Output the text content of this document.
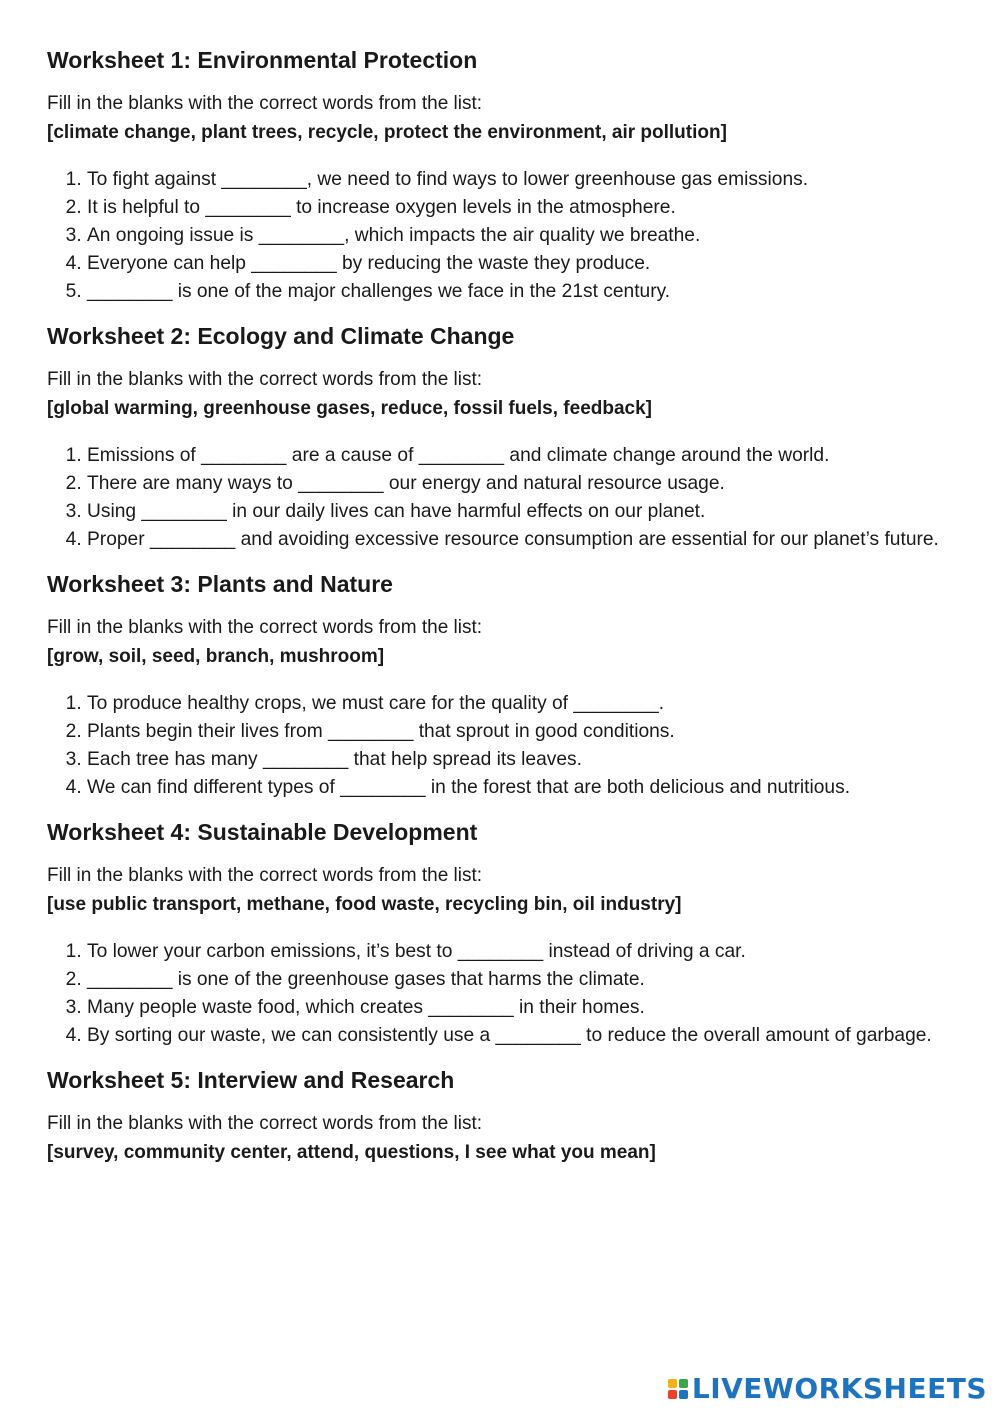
Worksheet 1: Environmental Protection

Fill in the blanks with the correct words from the list:

[climate change, plant trees, recycle, protect the environment, air pollution]

1. To fight against ________, we need to find ways to lower greenhouse gas emissions.
2. It is helpful to ________ to increase oxygen levels in the atmosphere.
3. An ongoing issue is ________, which impacts the air quality we breathe.
4. Everyone can help ________ by reducing the waste they produce.
5. ________ is one of the major challenges we face in the 21st century.
Worksheet 2: Ecology and Climate Change

Fill in the blanks with the correct words from the list:

[global warming, greenhouse gases, reduce, fossil fuels, feedback]

1. Emissions of ________ are a cause of ________ and climate change around the world.
2. There are many ways to ________ our energy and natural resource usage.
3. Using ________ in our daily lives can have harmful effects on our planet.
4. Proper ________ and avoiding excessive resource consumption are essential for our planet’s future.
Worksheet 3: Plants and Nature

Fill in the blanks with the correct words from the list:

[grow, soil, seed, branch, mushroom]

1. To produce healthy crops, we must care for the quality of ________.
2. Plants begin their lives from ________ that sprout in good conditions.
3. Each tree has many ________ that help spread its leaves.
4. We can find different types of ________ in the forest that are both delicious and nutritious.
Worksheet 4: Sustainable Development

Fill in the blanks with the correct words from the list:

[use public transport, methane, food waste, recycling bin, oil industry]

1. To lower your carbon emissions, it’s best to ________ instead of driving a car.
2. ________ is one of the greenhouse gases that harms the climate.
3. Many people waste food, which creates ________ in their homes.
4. By sorting our waste, we can consistently use a ________ to reduce the overall amount of garbage.
Worksheet 5: Interview and Research

Fill in the blanks with the correct words from the list:

[survey, community center, attend, questions, I see what you mean]

LIVEWORKSHEETS
